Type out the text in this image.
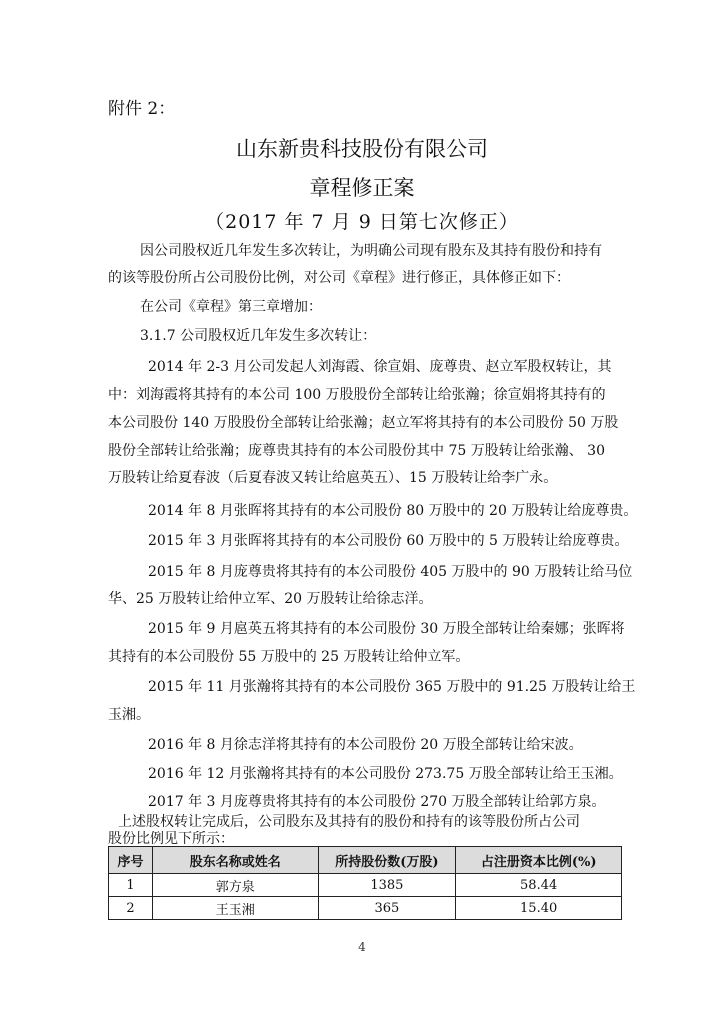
附件 2：
山东新贵科技股份有限公司
章程修正案
（2017 年 7 月 9 日第七次修正）
因公司股权近几年发生多次转让，为明确公司现有股东及其持有股份和持有
的该等股份所占公司股份比例，对公司《章程》进行修正，具体修正如下：
在公司《章程》第三章增加：
3.1.7 公司股权近几年发生多次转让：
2014 年 2-3 月公司发起人刘海霞、徐宣娟、庞尊贵、赵立军股权转让，其
中：刘海霞将其持有的本公司 100 万股股份全部转让给张瀚；徐宣娟将其持有的
本公司股份 140 万股股份全部转让给张瀚；赵立军将其持有的本公司股份 50 万股
股份全部转让给张瀚；庞尊贵其持有的本公司股份其中 75 万股转让给张瀚、 30
万股转让给夏春波（后夏春波又转让给扈英五）、15 万股转让给李广永。
2014 年 8 月张晖将其持有的本公司股份 80 万股中的 20 万股转让给庞尊贵。
2015 年 3 月张晖将其持有的本公司股份 60 万股中的 5 万股转让给庞尊贵。
2015 年 8 月庞尊贵将其持有的本公司股份 405 万股中的 90 万股转让给马位
华、25 万股转让给仲立军、20 万股转让给徐志洋。
2015 年 9 月扈英五将其持有的本公司股份 30 万股全部转让给秦娜；张晖将
其持有的本公司股份 55 万股中的 25 万股转让给仲立军。
2015 年 11 月张瀚将其持有的本公司股份 365 万股中的 91.25 万股转让给王
玉湘。
2016 年 8 月徐志洋将其持有的本公司股份 20 万股全部转让给宋波。
2016 年 12 月张瀚将其持有的本公司股份 273.75 万股全部转让给王玉湘。
2017 年 3 月庞尊贵将其持有的本公司股份 270 万股全部转让给郭方泉。
上述股权转让完成后，公司股东及其持有的股份和持有的该等股份所占公司
股份比例见下所示：
序号	股东名称或姓名	所持股份数(万股)	占注册资本比例(%)
1	郭方泉	1385	58.44
2	王玉湘	365	15.40
4
